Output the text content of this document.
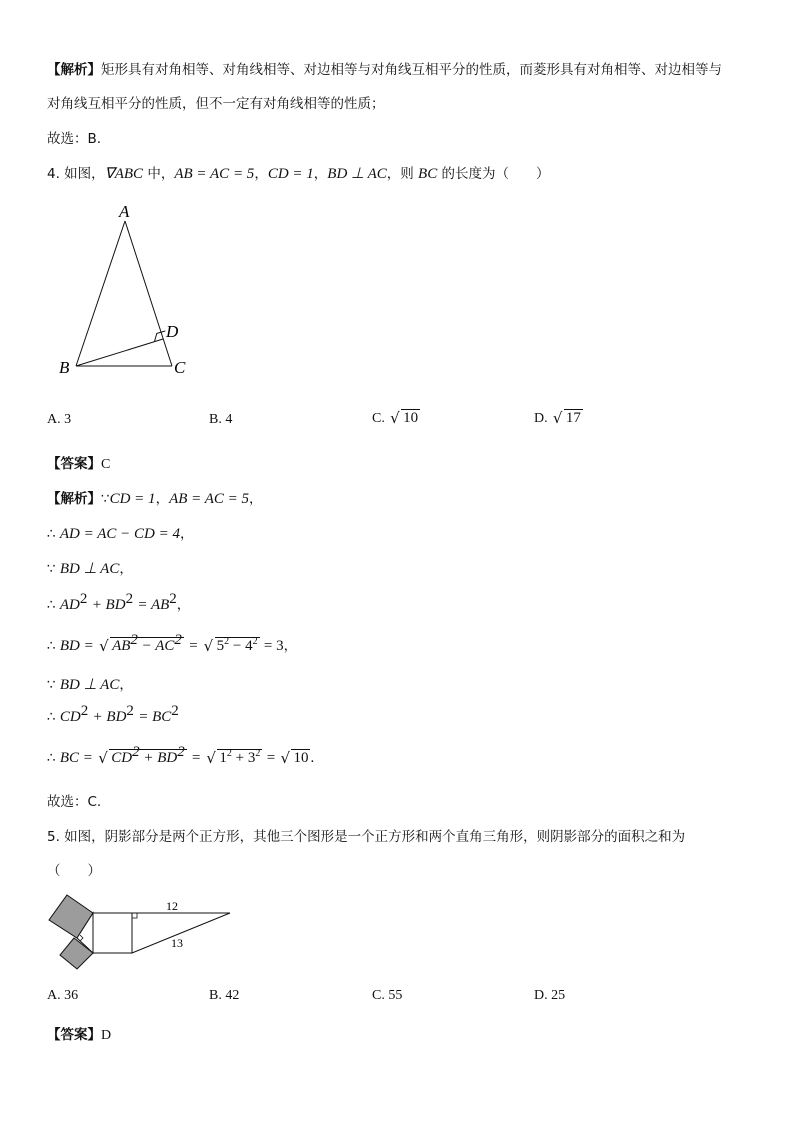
【解析】矩形具有对角相等、对角线相等、对边相等与对角线互相平分的性质，而菱形具有对角相等、对边相等与
对角线互相平分的性质，但不一定有对角线相等的性质；
故选：B.
4. 如图，∇ABC 中，AB = AC = 5，CD = 1，BD ⊥ AC，则 BC 的长度为（　　）
A
B	C
D
A. 3	B. 4	C. √ 10	D. √ 17
【答案】C
【解析】∵CD = 1，AB = AC = 5，
∴ AD = AC − CD = 4，
∵ BD ⊥ AC，
∴ $AD^2 + BD^2 = AB^2$，
∴ BD = √ $AB^2 - AC^2$ = √ $5^2 - 4^2 = 3$，
∵ BD ⊥ AC，
∴ $CD^2 + BD^2 = BC^2$
∴ BC = √ $CD^2 + BD^2$ = √ $1^2 + 3^2$ = √ 10 .
故选：C.
5. 如图，阴影部分是两个正方形，其他三个图形是一个正方形和两个直角三角形，则阴影部分的面积之和为
（　　）
12
13
A. 36	B. 42	C. 55	D. 25
【答案】D
